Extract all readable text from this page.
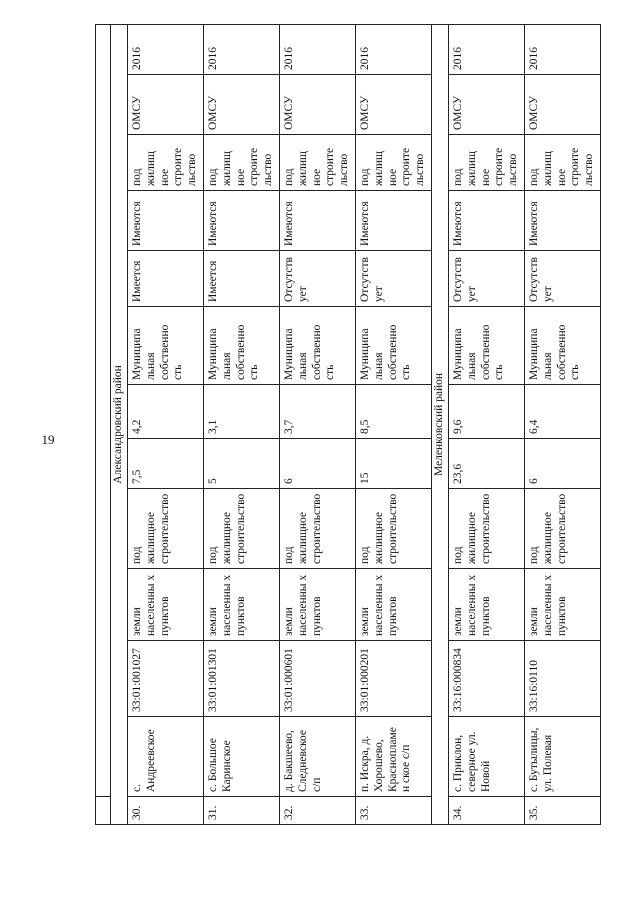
19
		Александровский район												
30.	с. Андреевское	33:01:001027	земли населенны х пунктов	под жилищное строительство	7,5	4,2	Муниципа льная собственно сть	Имеется	Имеются	под жилищ ное строите льство	ОМСУ	2016
31.	с. Большое Каринское	33:01:001301	земли населенны х пунктов	под жилищное строительство	5	3,1	Муниципа льная собственно сть	Имеется	Имеются	под жилищ ное строите льство	ОМСУ	2016
32.	д. Бакшеево, Следневское с/п	33:01:000601	земли населенны х пунктов	под жилищное строительство	6	3,7	Муниципа льная собственно сть	Отсутств ует	Имеются	под жилищ ное строите льство	ОМСУ	2016
33.	п. Искра, д. Хорошево, Краснопламен ское с/п	33:01:000201	земли населенны х пунктов	под жилищное строительство	15	8,5	Муниципа льная собственно сть	Отсутств ует	Имеются	под жилищ ное строите льство	ОМСУ	2016
Меленковский район												
34.	с. Приклон, северное ул. Новой	33:16:000834	земли населенны х пунктов	под жилищное строительство	23,6	9,6	Муниципа льная собственно сть	Отсутств ует	Имеются	под жилищ ное строите льство	ОМСУ	2016
35.	с. Бутылицы, ул. Полевая	33:16:0110	земли населенны х пунктов	под жилищное строительство	6	6,4	Муниципа льная собственно сть	Отсутств ует	Имеются	под жилищ ное строите льство	ОМСУ	2016
